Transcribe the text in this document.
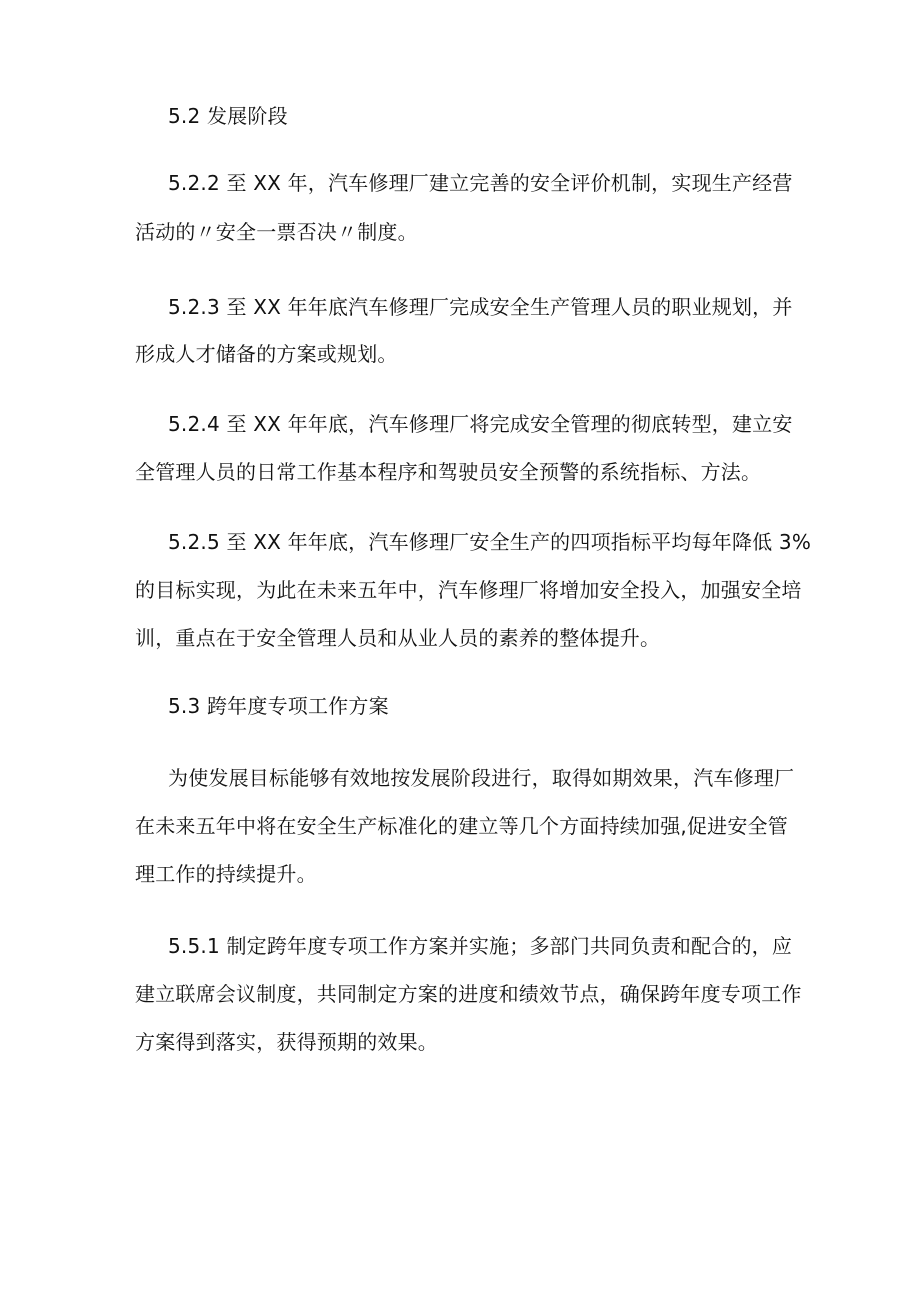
5.2 发展阶段
5.2.2 至 XX 年，汽车修理厂建立完善的安全评价机制，实现生产经营
活动的〃安全一票否决〃制度。
5.2.3 至 XX 年年底汽车修理厂完成安全生产管理人员的职业规划，并
形成人才储备的方案或规划。
5.2.4 至 XX 年年底，汽车修理厂将完成安全管理的彻底转型，建立安
全管理人员的日常工作基本程序和驾驶员安全预警的系统指标、方法。
5.2.5 至 XX 年年底，汽车修理厂安全生产的四项指标平均每年降低 3%
的目标实现，为此在未来五年中，汽车修理厂将增加安全投入，加强安全培
训，重点在于安全管理人员和从业人员的素养的整体提升。
5.3 跨年度专项工作方案
为使发展目标能够有效地按发展阶段进行，取得如期效果，汽车修理厂
在未来五年中将在安全生产标准化的建立等几个方面持续加强,促进安全管
理工作的持续提升。
5.5.1 制定跨年度专项工作方案并实施；多部门共同负责和配合的，应
建立联席会议制度，共同制定方案的进度和绩效节点，确保跨年度专项工作
方案得到落实，获得预期的效果。
